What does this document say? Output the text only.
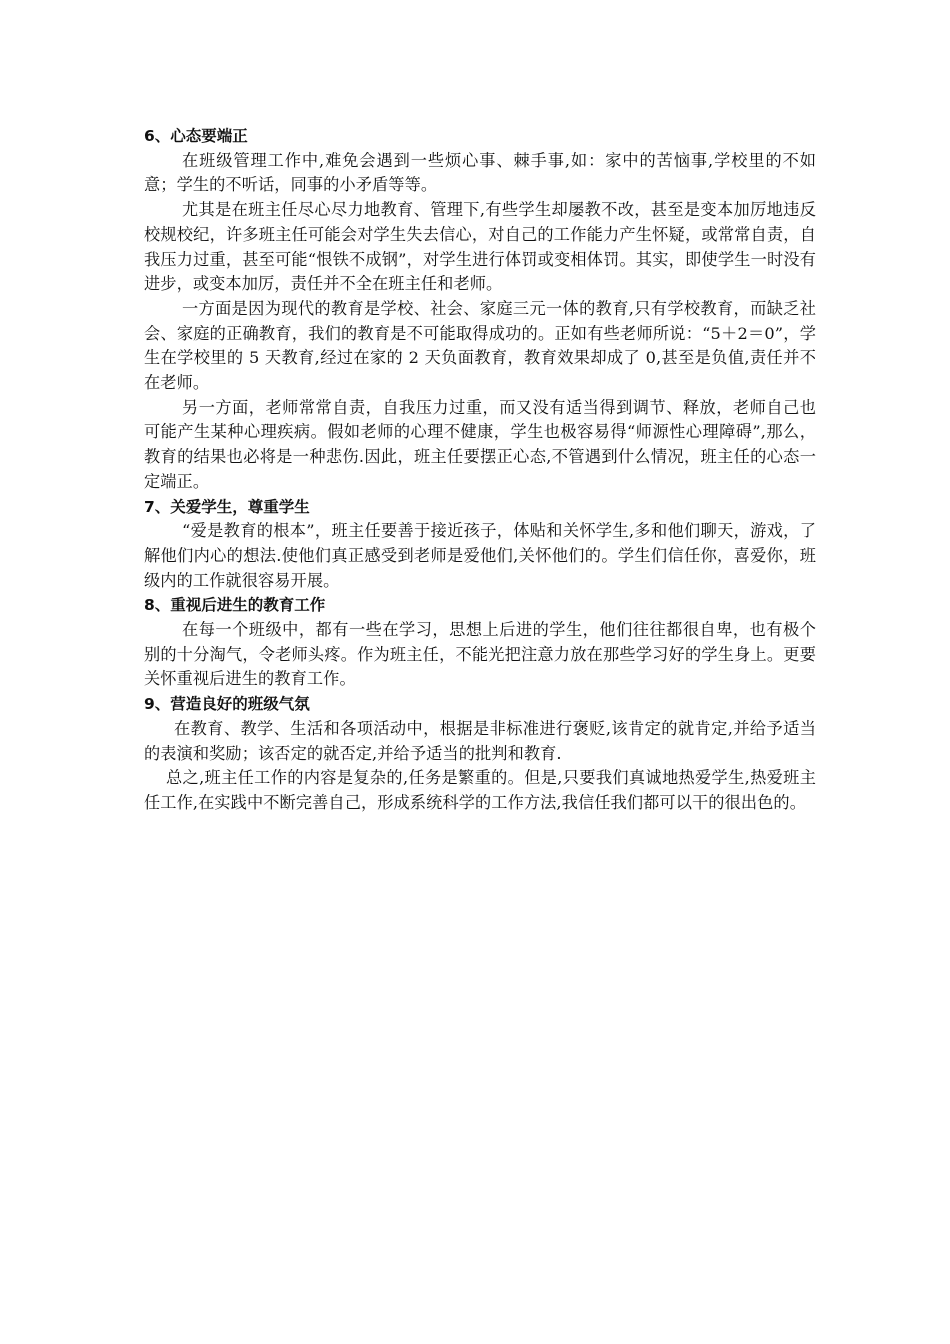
6、心态要端正

在班级管理工作中,难免会遇到一些烦心事、棘手事,如：家中的苦恼事,学校里的不如意；学生的不听话，同事的小矛盾等等。

尤其是在班主任尽心尽力地教育、管理下,有些学生却屡教不改，甚至是变本加厉地违反校规校纪，许多班主任可能会对学生失去信心，对自己的工作能力产生怀疑，或常常自责，自我压力过重，甚至可能“恨铁不成钢”，对学生进行体罚或变相体罚。其实，即使学生一时没有进步，或变本加厉，责任并不全在班主任和老师。

一方面是因为现代的教育是学校、社会、家庭三元一体的教育,只有学校教育，而缺乏社会、家庭的正确教育，我们的教育是不可能取得成功的。正如有些老师所说：“5＋2＝0”，学生在学校里的 5 天教育,经过在家的 2 天负面教育，教育效果却成了 0,甚至是负值,责任并不在老师。

另一方面，老师常常自责，自我压力过重，而又没有适当得到调节、释放，老师自己也可能产生某种心理疾病。假如老师的心理不健康，学生也极容易得“师源性心理障碍”,那么，教育的结果也必将是一种悲伤.因此，班主任要摆正心态,不管遇到什么情况，班主任的心态一定端正。

7、关爱学生，尊重学生

“爱是教育的根本”，班主任要善于接近孩子，体贴和关怀学生,多和他们聊天，游戏，了解他们内心的想法.使他们真正感受到老师是爱他们,关怀他们的。学生们信任你，喜爱你，班级内的工作就很容易开展。

8、重视后进生的教育工作

在每一个班级中，都有一些在学习，思想上后进的学生，他们往往都很自卑，也有极个别的十分淘气，令老师头疼。作为班主任，不能光把注意力放在那些学习好的学生身上。更要关怀重视后进生的教育工作。

9、营造良好的班级气氛

在教育、教学、生活和各项活动中，根据是非标准进行褒贬,该肯定的就肯定,并给予适当的表演和奖励；该否定的就否定,并给予适当的批判和教育.

总之,班主任工作的内容是复杂的,任务是繁重的。但是,只要我们真诚地热爱学生,热爱班主任工作,在实践中不断完善自己，形成系统科学的工作方法,我信任我们都可以干的很出色的。
